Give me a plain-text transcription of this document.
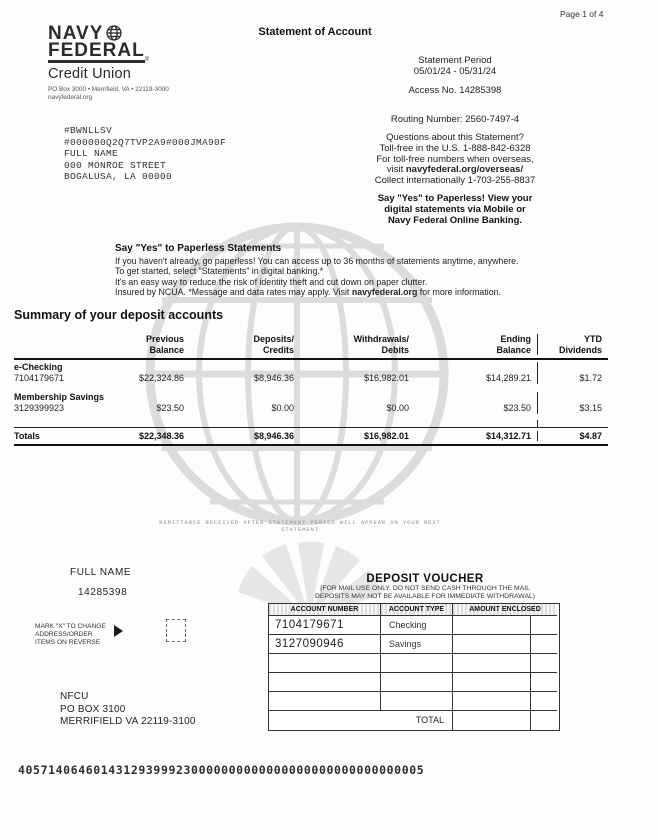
NAVY
FEDERAL®
Credit Union
PO Box 3000 • Merrifield, VA • 22119-3000
navyfederal.org
Statement of Account
Page 1 of 4
Statement Period
05/01/24 - 05/31/24
Access No. 14285398
Routing Number: 2560-7497-4
#BWNLLSV
#000000Q2Q7TVP2A9#000JMA90F
FULL NAME
000 MONROE STREET
BOGALUSA, LA 00000
Questions about this Statement?
Toll-free in the U.S. 1-888-842-6328
For toll-free numbers when overseas,
visit navyfederal.org/overseas/
Collect internationally 1-703-255-8837
Say "Yes" to Paperless! View your
digital statements via Mobile or
Navy Federal Online Banking.
Say "Yes" to Paperless Statements
If you haven't already, go paperless! You can access up to 36 months of statements anytime, anywhere.
To get started, select "Statements" in digital banking.*
It's an easy way to reduce the risk of identity theft and cut down on paper clutter.
Insured by NCUA. *Message and data rates may apply. Visit navyfederal.org for more information.
Summary of your deposit accounts
Previous
Balance
Deposits/
Credits
Withdrawals/
Debits
Ending
Balance
YTD
Dividends
e-Checking
7104179671	$22,324.86	$8,946.36	$16,982.01	$14,289.21	$1.72
Membership Savings
3129399923	$23.50	$0.00	$0.00	$23.50	$3.15
Totals	$22,348.36	$8,946.36	$16,982.01	$14,312.71	$4.87
REMITTANCE RECEIVED AFTER STATEMENT PERIOD WILL APPEAR ON YOUR NEXT STATEMENT
FULL NAME
14285398
DEPOSIT VOUCHER
(FOR MAIL USE ONLY. DO NOT SEND CASH THROUGH THE MAIL
DEPOSITS MAY NOT BE AVAILABLE FOR IMMEDIATE WITHDRAWAL)
ACCOUNT NUMBER	ACCOUNT TYPE	AMOUNT ENCLOSED
7104179671	Checking
3127090946	Savings
TOTAL
MARK "X" TO CHANGE
ADDRESS/ORDER
ITEMS ON REVERSE
NFCU
PO BOX 3100
MERRIFIELD VA 22119-3100
405714064601431293999230000000000000000000000000000005
